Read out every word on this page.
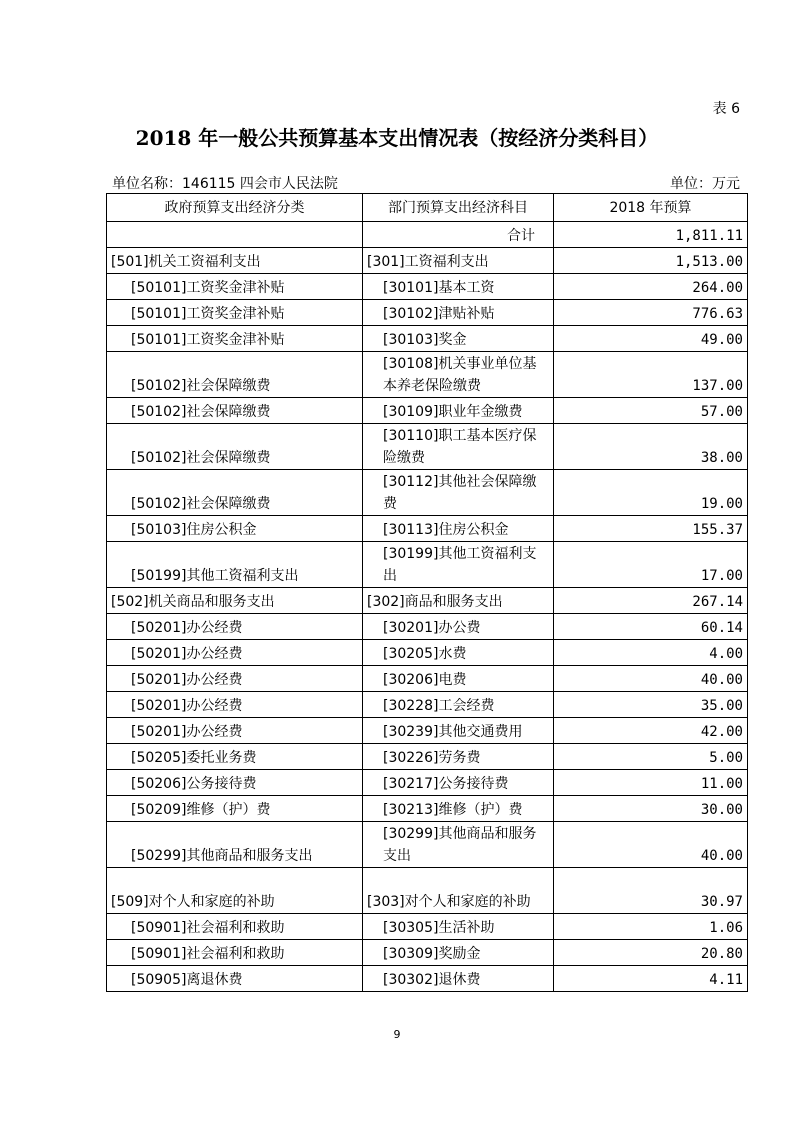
表 6
2018 年一般公共预算基本支出情况表（按经济分类科目）
单位名称：146115 四会市人民法院	单位：万元
政府预算支出经济分类	部门预算支出经济科目	2018 年预算
	合计	1,811.11
[501]机关工资福利支出	[301]工资福利支出	1,513.00
[50101]工资奖金津补贴	[30101]基本工资	264.00
[50101]工资奖金津补贴	[30102]津贴补贴	776.63
[50101]工资奖金津补贴	[30103]奖金	49.00
[50102]社会保障缴费	[30108]机关事业单位基本养老保险缴费	137.00
[50102]社会保障缴费	[30109]职业年金缴费	57.00
[50102]社会保障缴费	[30110]职工基本医疗保险缴费	38.00
[50102]社会保障缴费	[30112]其他社会保障缴费	19.00
[50103]住房公积金	[30113]住房公积金	155.37
[50199]其他工资福利支出	[30199]其他工资福利支出	17.00
[502]机关商品和服务支出	[302]商品和服务支出	267.14
[50201]办公经费	[30201]办公费	60.14
[50201]办公经费	[30205]水费	4.00
[50201]办公经费	[30206]电费	40.00
[50201]办公经费	[30228]工会经费	35.00
[50201]办公经费	[30239]其他交通费用	42.00
[50205]委托业务费	[30226]劳务费	5.00
[50206]公务接待费	[30217]公务接待费	11.00
[50209]维修（护）费	[30213]维修（护）费	30.00
[50299]其他商品和服务支出	[30299]其他商品和服务支出	40.00
[509]对个人和家庭的补助	[303]对个人和家庭的补助	30.97
[50901]社会福利和救助	[30305]生活补助	1.06
[50901]社会福利和救助	[30309]奖励金	20.80
[50905]离退休费	[30302]退休费	4.11
9
